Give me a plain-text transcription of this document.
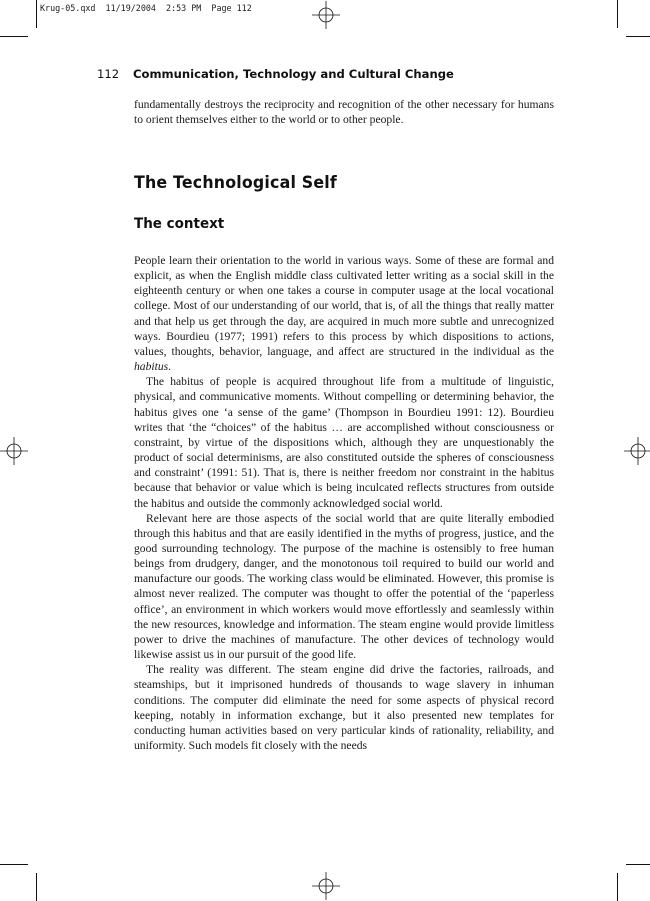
Krug-05.qxd  11/19/2004  2:53 PM  Page 112
112 Communication, Technology and Cultural Change

fundamentally destroys the reciprocity and recognition of the other necessary for humans to orient themselves either to the world or to other people.

The Technological Self
The context

People learn their orientation to the world in various ways. Some of these are formal and explicit, as when the English middle class cultivated letter writing as a social skill in the eighteenth century or when one takes a course in computer usage at the local vocational college. Most of our understanding of our world, that is, of all the things that really matter and that help us get through the day, are acquired in much more subtle and unrecognized ways. Bourdieu (1977; 1991) refers to this process by which dispositions to actions, values, thoughts, behavior, language, and affect are structured in the individual as the habitus.

The habitus of people is acquired throughout life from a multitude of linguistic, physical, and communicative moments. Without compelling or determining behavior, the habitus gives one ‘a sense of the game’ (Thompson in Bourdieu 1991: 12). Bourdieu writes that ‘the “choices” of the habitus … are accomplished without consciousness or constraint, by virtue of the dispositions which, although they are unquestionably the product of social determinisms, are also constituted outside the spheres of consciousness and constraint’ (1991: 51). That is, there is neither freedom nor constraint in the habitus because that behavior or value which is being inculcated reflects structures from outside the habitus and outside the commonly acknowledged social world.

Relevant here are those aspects of the social world that are quite literally embodied through this habitus and that are easily identified in the myths of progress, justice, and the good surrounding technology. The purpose of the machine is ostensibly to free human beings from drudgery, danger, and the monotonous toil required to build our world and manufacture our goods. The working class would be eliminated. However, this promise is almost never realized. The computer was thought to offer the potential of the ‘paperless office’, an environment in which workers would move effortlessly and seamlessly within the new resources, knowledge and information. The steam engine would provide limitless power to drive the machines of manufacture. The other devices of technology would likewise assist us in our pursuit of the good life.

The reality was different. The steam engine did drive the factories, railroads, and steamships, but it imprisoned hundreds of thousands to wage slavery in inhuman conditions. The computer did eliminate the need for some aspects of physical record keeping, notably in information exchange, but it also presented new templates for conducting human activities based on very particular kinds of rationality, reliability, and uniformity. Such models fit closely with the needs
